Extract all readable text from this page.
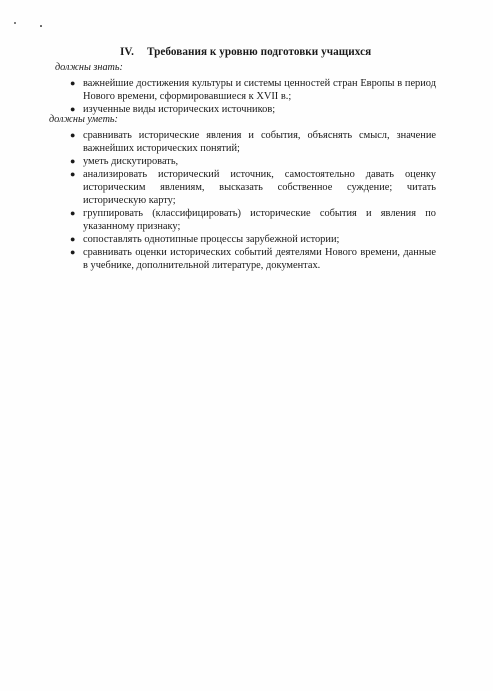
IV. Требования к уровню подготовки учащихся
должны знать:
● важнейшие достижения культуры и системы ценностей стран Европы в период Нового времени, сформировавшиеся к XVII в.;
● изученные виды исторических источников;
должны уметь:
● сравнивать исторические явления и события, объяснять смысл, значение важнейших исторических понятий;
● уметь дискутировать,
● анализировать исторический источник, самостоятельно давать оценку историческим явлениям, высказать собственное суждение; читать историческую карту;
● группировать (классифицировать) исторические события и явления по указанному признаку;
● сопоставлять однотипные процессы зарубежной истории;
● сравнивать оценки исторических событий деятелями Нового времени, данные в учебнике, дополнительной литературе, документах.
